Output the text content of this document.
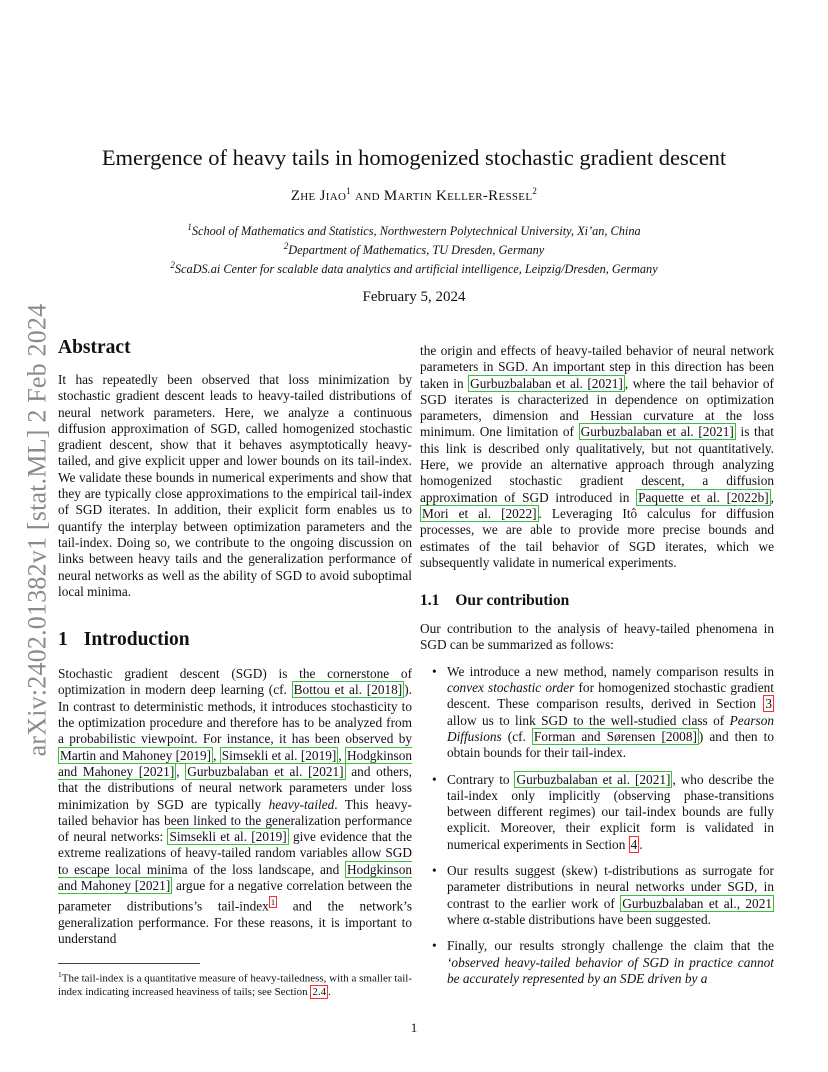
arXiv:2402.01382v1 [stat.ML] 2 Feb 2024
Emergence of heavy tails in homogenized stochastic gradient descent
Zhe Jiao$^1$ and Martin Keller-Ressel$^2$
$^1$School of Mathematics and Statistics, Northwestern Polytechnical University, Xi’an, China
$^2$Department of Mathematics, TU Dresden, Germany
$^2$ScaDS.ai Center for scalable data analytics and artificial intelligence, Leipzig/Dresden, Germany
February 5, 2024
Abstract

It has repeatedly been observed that loss minimization by stochastic gradient descent leads to heavy-tailed distributions of neural network parameters. Here, we analyze a continuous diffusion approximation of SGD, called homogenized stochastic gradient descent, show that it behaves asymptotically heavy-tailed, and give explicit upper and lower bounds on its tail-index. We validate these bounds in numerical experiments and show that they are typically close approximations to the empirical tail-index of SGD iterates. In addition, their explicit form enables us to quantify the interplay between optimization parameters and the tail-index. Doing so, we contribute to the ongoing discussion on links between heavy tails and the generalization performance of neural networks as well as the ability of SGD to avoid suboptimal local minima.

1 Introduction

Stochastic gradient descent (SGD) is the cornerstone of optimization in modern deep learning (cf. Bottou et al. [2018] ). In contrast to deterministic methods, it introduces stochasticity to the optimization procedure and therefore has to be analyzed from a probabilistic viewpoint. For instance, it has been observed by Martin and Mahoney [2019] , Simsekli et al. [2019] , Hodgkinson and Mahoney [2021] , Gurbuzbalaban et al. [2021] and others, that the distributions of neural network parameters under loss minimization by SGD are typically heavy-tailed. This heavy-tailed behavior has been linked to the generalization performance of neural networks: Simsekli et al. [2019] give evidence that the extreme realizations of heavy-tailed random variables allow SGD to escape local minima of the loss landscape, and Hodgkinson and Mahoney [2021] argue for a negative correlation between the parameter distributions’s tail-index $^1$ and the network’s generalization performance. For these reasons, it is important to understand

$^1$The tail-index is a quantitative measure of heavy-tailedness, with a smaller tail-index indicating increased heaviness of tails; see Section 2.4 .

the origin and effects of heavy-tailed behavior of neural network parameters in SGD. An important step in this direction has been taken in Gurbuzbalaban et al. [2021] , where the tail behavior of SGD iterates is characterized in dependence on optimization parameters, dimension and Hessian curvature at the loss minimum. One limitation of Gurbuzbalaban et al. [2021] is that this link is described only qualitatively, but not quantitatively. Here, we provide an alternative approach through analyzing homogenized stochastic gradient descent, a diffusion approximation of SGD introduced in Paquette et al. [2022b] , Mori et al. [2022] . Leveraging Itô calculus for diffusion processes, we are able to provide more precise bounds and estimates of the tail behavior of SGD iterates, which we subsequently validate in numerical experiments.

1.1 Our contribution

Our contribution to the analysis of heavy-tailed phenomena in SGD can be summarized as follows:

• We introduce a new method, namely comparison results in convex stochastic order for homogenized stochastic gradient descent. These comparison results, derived in Section 3 allow us to link SGD to the well-studied class of Pearson Diffusions (cf. Forman and Sørensen [2008] ) and then to obtain bounds for their tail-index.
• Contrary to Gurbuzbalaban et al. [2021] , who describe the tail-index only implicitly (observing phase-transitions between different regimes) our tail-index bounds are fully explicit. Moreover, their explicit form is validated in numerical experiments in Section 4 .
• Our results suggest (skew) t-distributions as surrogate for parameter distributions in neural networks under SGD, in contrast to the earlier work of Gurbuzbalaban et al., 2021 where α-stable distributions have been suggested.
• Finally, our results strongly challenge the claim that the ‘observed heavy-tailed behavior of SGD in practice cannot be accurately represented by an SDE driven by a
1
